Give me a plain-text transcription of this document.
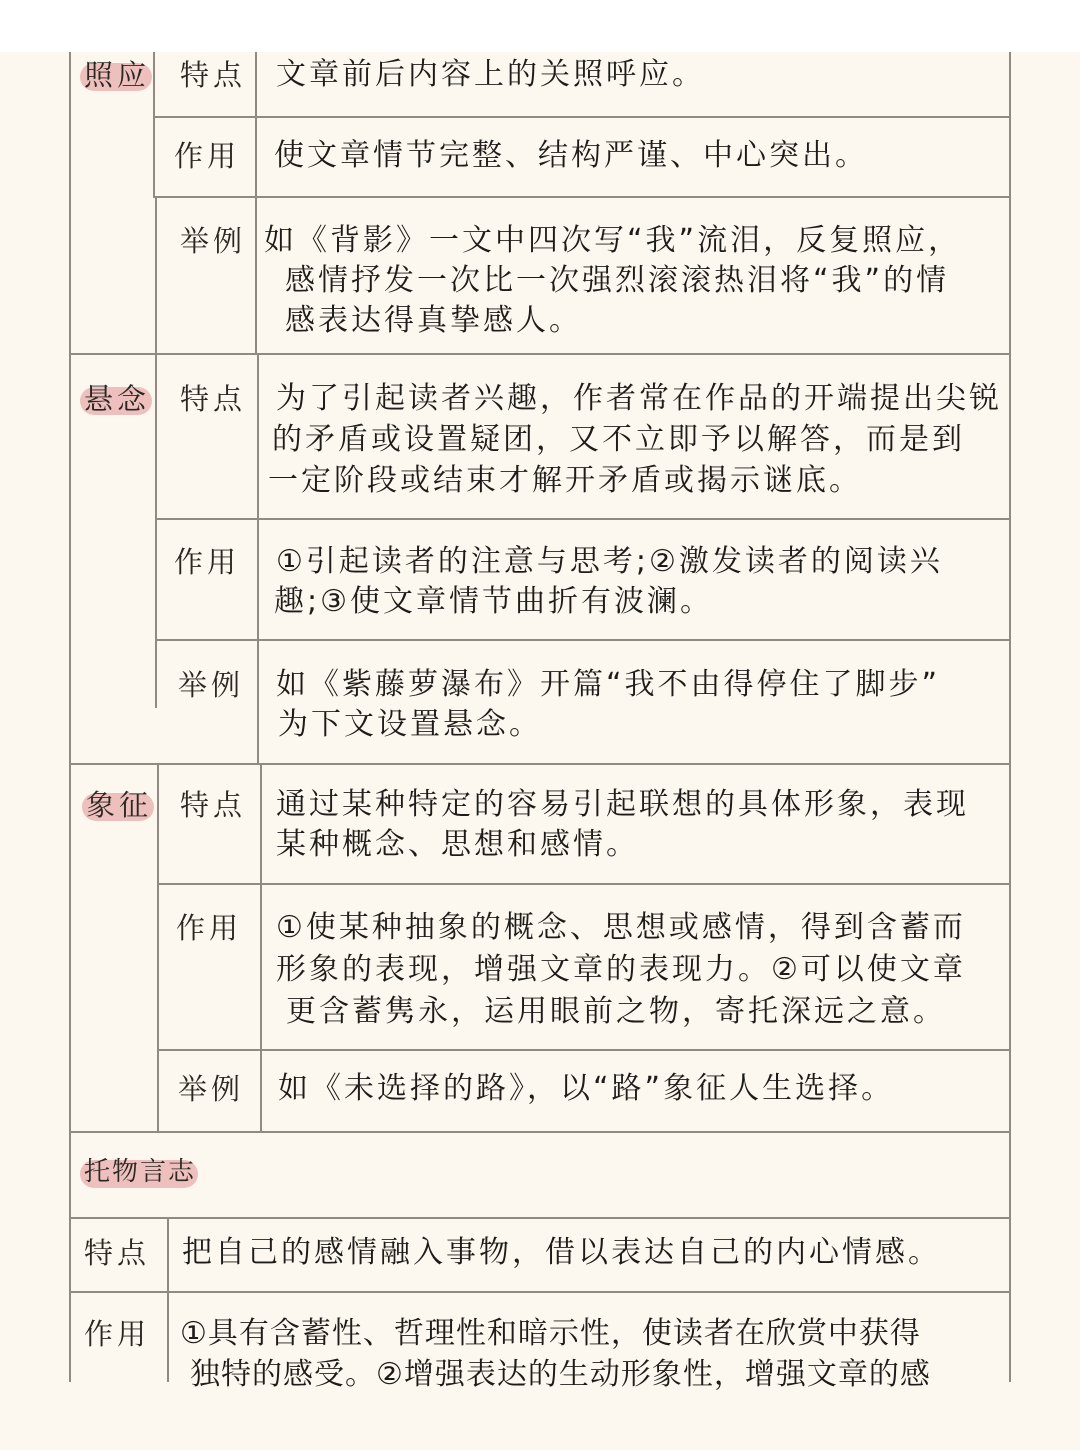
照应 特点 文章前后内容上的关照呼应。
作用 使文章情节完整、结构严谨、中心突出。
举例 如《背影》一文中四次写“我”流泪，反复照应，
感情抒发一次比一次强烈滚滚热泪将“我”的情
感表达得真挚感人。
悬念 特点 为了引起读者兴趣，作者常在作品的开端提出尖锐
的矛盾或设置疑团，又不立即予以解答，而是到
一定阶段或结束才解开矛盾或揭示谜底。
作用 ①引起读者的注意与思考;②激发读者的阅读兴
趣;③使文章情节曲折有波澜。
举例 如《紫藤萝瀑布》开篇“我不由得停住了脚步”
为下文设置悬念。
象征 特点 通过某种特定的容易引起联想的具体形象，表现
某种概念、思想和感情。
作用 ①使某种抽象的概念、思想或感情，得到含蓄而
形象的表现，增强文章的表现力。②可以使文章
更含蓄隽永，运用眼前之物，寄托深远之意。
举例 如《未选择的路》，以“路”象征人生选择。
托物言志
特点 把自己的感情融入事物，借以表达自己的内心情感。
作用 ①具有含蓄性、哲理性和暗示性，使读者在欣赏中获得
独特的感受。②增强表达的生动形象性，增强文章的感
